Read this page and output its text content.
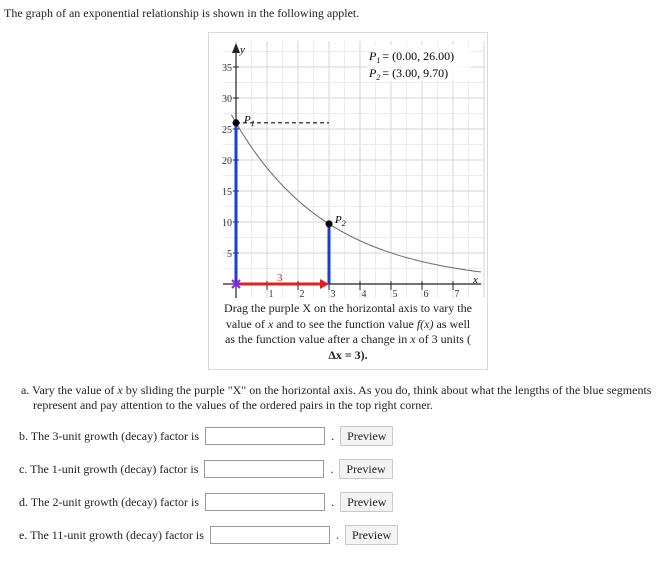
The graph of an exponential relationship is shown in the following applet.
35
30
25
20
15
10
5
1	2	3	4	5	6	7
y
x
$P_1 = (0.00$, 26.00)
$P_2 = (3.00$, 9.70)
$P_1$
$P_2$
3
Drag the purple X on the horizontal axis to vary the
value of x and to see the function value f(x) as well
as the function value after a change in x of 3 units (
Δx = 3).
a. Vary the value of x by sliding the purple "X" on the horizontal axis. As you do, think about what the lengths of the blue segments
represent and pay attention to the values of the ordered pairs in the top right corner.
b. The 3-unit growth (decay) factor is	.	Preview
c. The 1-unit growth (decay) factor is	.	Preview
d. The 2-unit growth (decay) factor is	.	Preview
e. The 11-unit growth (decay) factor is	.	Preview
